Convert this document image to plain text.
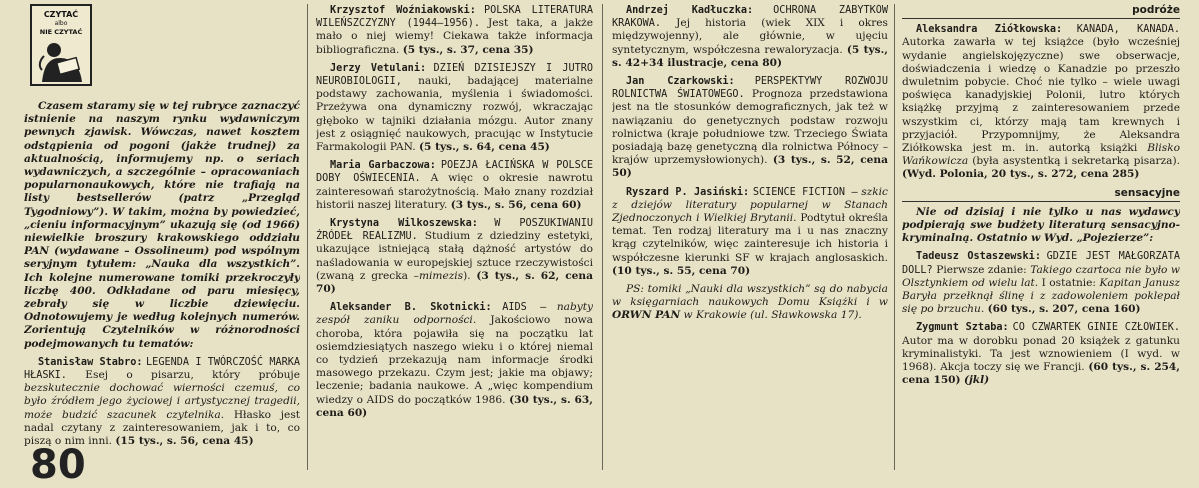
CZYTAĆ
albo
NIE CZYTAĆ

Czasem staramy się w tej rubryce zaznaczyć istnienie na naszym rynku wydawniczym pewnych zjawisk. Wówczas, nawet kosztem odstąpienia od pogoni (jakże trudnej) za aktualnością, informujemy np. o seriach wydawniczych, a szczególnie – opracowaniach popularnonaukowych, które nie trafiają na listy bestsellerów (patrz „Przegląd Tygodniowy”). W takim, można by powiedzieć, „cieniu informacyjnym” ukazują się (od 1966) niewielkie broszury krakowskiego oddziału PAN (wydawane – Ossolineum) pod wspólnym seryjnym tytułem: „Nauka dla wszystkich”. Ich kolejne numerowane tomiki przekroczyły liczbę 400. Odkładane od paru miesięcy, zebrały się w liczbie dziewięciu. Odnotowujemy je według kolejnych numerów. Zorientują Czytelników w różnorodności podejmowanych tu tematów:

Stanisław Stabro: LEGENDA I TWÓRCZOŚĆ MARKA HŁASKI. Esej o pisarzu, który próbuje bezskutecznie dochować wierności czemuś, co było źródłem jego życiowej i artystycznej tragedii, może budzić szacunek czytelnika. Hłasko jest nadal czytany z zainteresowaniem, jak i to, co piszą o nim inni. (15 tys., s. 56, cena 45)

Krzysztof Woźniakowski: POLSKA LITERATURA WILEŃSZCZYZNY (1944–1956). Jest taka, a jakże mało o niej wiemy! Ciekawa także informacja bibliograficzna. (5 tys., s. 37, cena 35)

Jerzy Vetulani: DZIEŃ DZISIEJSZY I JUTRO NEUROBIOLOGII, nauki, badającej materialne podstawy zachowania, myślenia i świadomości. Przeżywa ona dynamiczny rozwój, wkraczając głęboko w tajniki działania mózgu. Autor znany jest z osiągnięć naukowych, pracując w Instytucie Farmakologii PAN. (5 tys., s. 64, cena 45)

Maria Garbaczowa: POEZJA ŁACIŃSKA W POLSCE DOBY OŚWIECENIA. A więc o okresie nawrotu zainteresowań starożytnością. Mało znany rozdział historii naszej literatury. (3 tys., s. 56, cena 60)

Krystyna Wilkoszewska: W POSZUKIWANIU ŹRÓDEŁ REALIZMU. Studium z dziedziny estetyki, ukazujące istniejącą stałą dążność artystów do naśladowania w europejskiej sztuce rzeczywistości (zwaną z greckа –mimezis). (3 tys., s. 62, cena 70)

Aleksander B. Skotnicki: AIDS – nabyty zespół zaniku odporności. Jakościowo nowa choroba, która pojawiła się na początku lat osiemdziesiątych naszego wieku i o której niemal co tydzień przekazują nam informacje środki masowego przekazu. Czym jest; jakie ma objawy; leczenie; badania naukowe. A „więc kompendium wiedzy o AIDS do początków 1986. (30 tys., s. 63, cena 60)

Andrzej Kadłuczka: OCHRONA ZABYTKÓW KRAKOWA. Jej historia (wiek XIX i okres międzywojenny), ale głównie, w ujęciu syntetycznym, współczesna rewaloryzacja. (5 tys., s. 42+34 ilustracje, cena 80)

Jan Czarkowski: PERSPEKTYWY ROZWOJU ROLNICTWA ŚWIATOWEGO. Prognoza przedstawiona jest na tle stosunków demograficznych, jak też w nawiązaniu do genetycznych podstaw rozwoju rolnictwa (kraje południowe tzw. Trzeciego Świata posiadają bazę genetyczną dla rolnictwa Północy – krajów uprzemysłowionych). (3 tys., s. 52, cena 50)

Ryszard P. Jasiński: SCIENCE FICTION – szkic z dziejów literatury popularnej w Stanach Zjednoczonych i Wielkiej Brytanii. Podtytuł określa temat. Ten rodzaj literatury ma i u nas znaczny krąg czytelników, więc zainteresuje ich historia i współczesne kierunki SF w krajach anglosaskich. (10 tys., s. 55, cena 70)

PS: tomiki „Nauki dla wszystkich” są do nabycia w księgarniach naukowych Domu Książki i w ORWN PAN w Krakowie (ul. Sławkowska 17).

podróże

Aleksandra Ziółkowska: KANADA, KANADA. Autorka zawarła w tej książce (było wcześniej wydanie angielskojęzyczne) swe obserwacje, doświadczenia i wiedzę o Kanadzie po przeszło dwuletnim pobycie. Choć nie tylko – wiele uwagi poświęca kanadyjskiej Polonii, lutro których książkę przyjmą z zainteresowaniem przede wszystkim ci, którzy mają tam krewnych i przyjaciół. Przypomnijmy, że Aleksandra Ziółkowska jest m. in. autorką książki Blisko Wańkowicza (była asystentką i sekretarką pisarza). (Wyd. Polonia, 20 tys., s. 272, cena 285)

sensacyjne

Nie od dzisiaj i nie tylko u nas wydawcy podpierają swe budżety literaturą sensacyjno-kryminalną. Ostatnio w Wyd. „Pojezierze”:

Tadeusz Ostaszewski: GDZIE JEST MAŁGORZATA DOLL? Pierwsze zdanie: Takiego czartoca nie było w Olsztynkiem od wielu lat. I ostatnie: Kapitan Janusz Baryła przełknął ślinę i z zadowoleniem poklepał się po brzuchu. (60 tys., s. 207, cena 160)

Zygmunt Sztaba: CO CZWARTEK GINIE CZŁOWIEK. Autor ma w dorobku ponad 20 książek z gatunku kryminalistyki. Ta jest wznowieniem (I wyd. w 1968). Akcja toczy się we Francji. (60 tys., s. 254, cena 150) (jkl)

80
